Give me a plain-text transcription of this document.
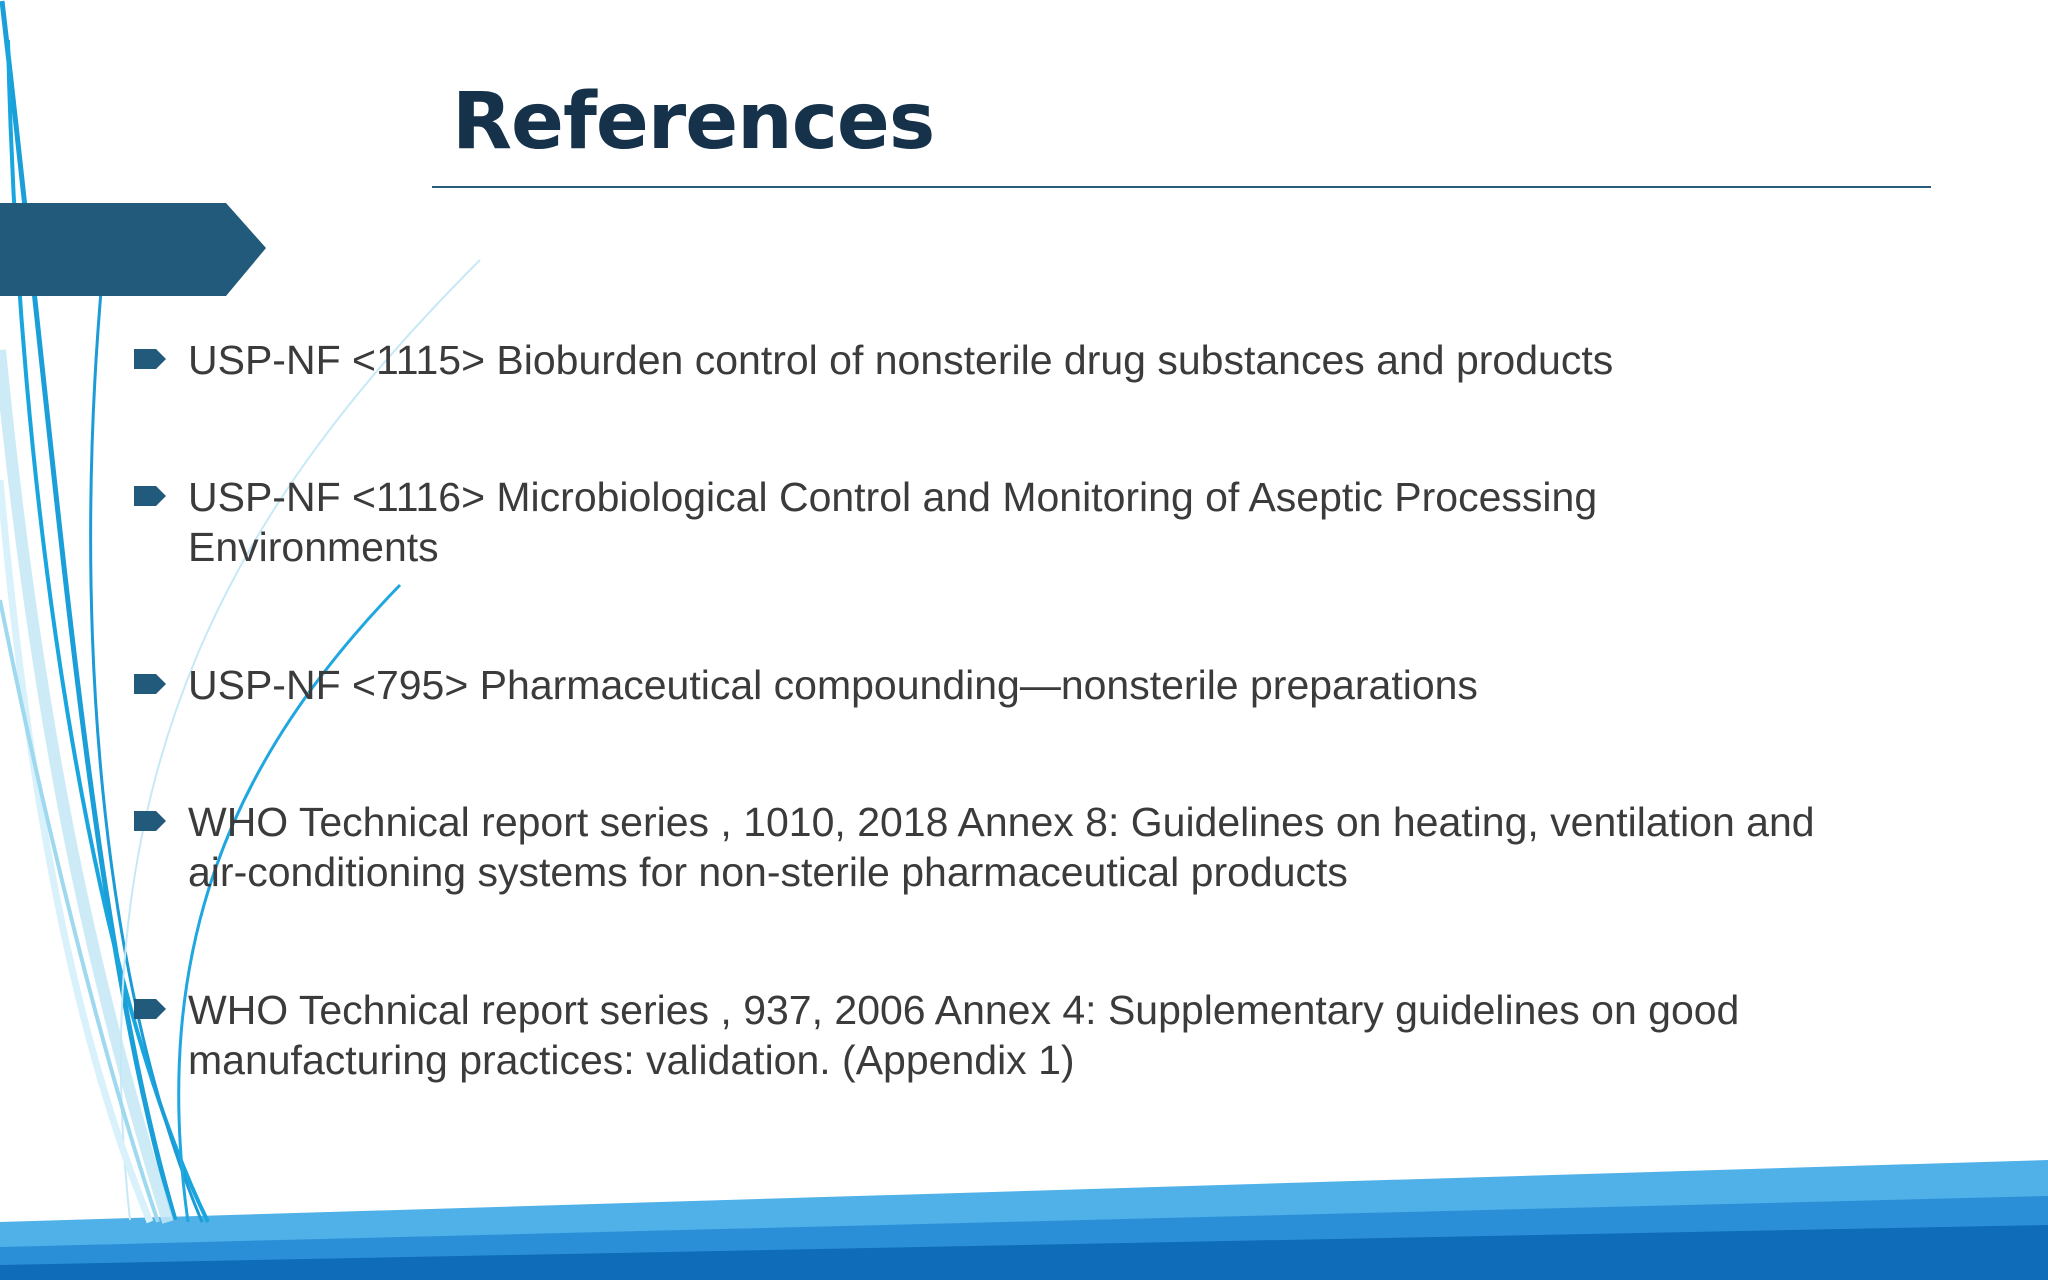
References
USP-NF <1115> Bioburden control of nonsterile drug substances and products
USP-NF <1116> Microbiological Control and Monitoring of Aseptic Processing Environments
USP-NF <795> Pharmaceutical compounding—nonsterile preparations
WHO Technical report series , 1010, 2018 Annex 8: Guidelines on heating, ventilation and air-conditioning systems for non-sterile pharmaceutical products
WHO Technical report series , 937, 2006 Annex 4: Supplementary guidelines on good manufacturing practices: validation. (Appendix 1)
